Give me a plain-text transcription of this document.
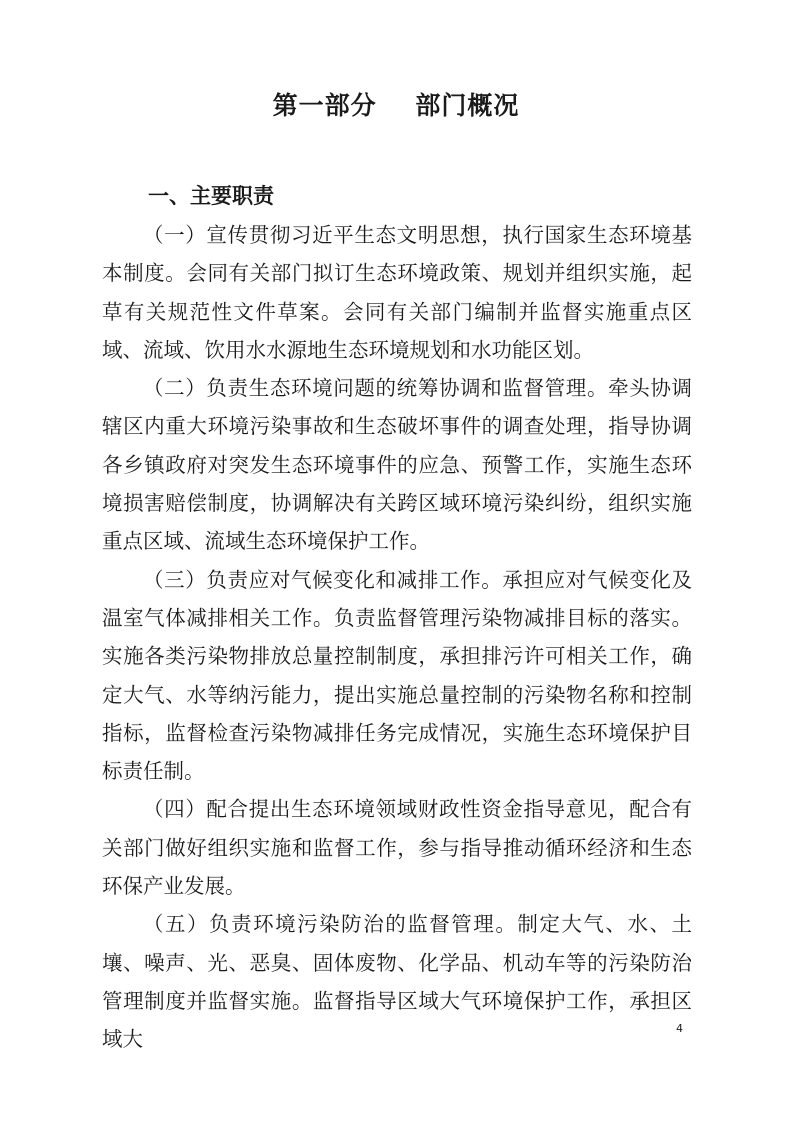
第一部分    部门概况
一、主要职责

（一）宣传贯彻习近平生态文明思想，执行国家生态环境基本制度。会同有关部门拟订生态环境政策、规划并组织实施，起草有关规范性文件草案。会同有关部门编制并监督实施重点区域、流域、饮用水水源地生态环境规划和水功能区划。

（二）负责生态环境问题的统筹协调和监督管理。牵头协调辖区内重大环境污染事故和生态破坏事件的调查处理，指导协调各乡镇政府对突发生态环境事件的应急、预警工作，实施生态环境损害赔偿制度，协调解决有关跨区域环境污染纠纷，组织实施重点区域、流域生态环境保护工作。

（三）负责应对气候变化和减排工作。承担应对气候变化及温室气体减排相关工作。负责监督管理污染物减排目标的落实。实施各类污染物排放总量控制制度，承担排污许可相关工作，确定大气、水等纳污能力，提出实施总量控制的污染物名称和控制指标，监督检查污染物减排任务完成情况，实施生态环境保护目标责任制。

（四）配合提出生态环境领域财政性资金指导意见，配合有关部门做好组织实施和监督工作，参与指导推动循环经济和生态环保产业发展。

（五）负责环境污染防治的监督管理。制定大气、水、土壤、噪声、光、恶臭、固体废物、化学品、机动车等的污染防治管理制度并监督实施。监督指导区域大气环境保护工作，承担区域大	4
